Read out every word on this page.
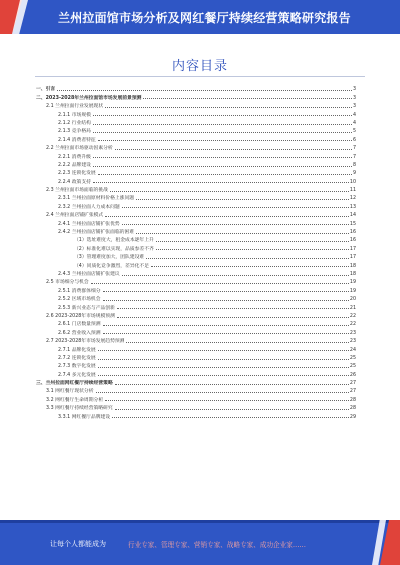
兰州拉面馆市场分析及网红餐厅持续经营策略研究报告
内容目录
一、引言	3
二、2023-2028年兰州拉面馆市场发展前景预测	3
2.1 兰州拉面行业发展现状	3
2.1.1 市场规模	4
2.1.2 行业结构	4
2.1.3 竞争格局	5
2.1.4 消费者特征	6
2.2 兰州拉面市场驱动因素分析	7
2.2.1 消费升级	7
2.2.2 品牌建设	8
2.2.3 连锁化发展	9
2.2.4 政策支持	10
2.3 兰州拉面市场面临的挑战	11
2.3.1 兰州拉面原材料价格上涨问题	12
2.3.2 兰州拉面人力成本问题	13
2.4 兰州拉面店铺扩张模式	14
2.4.1 兰州拉面店铺扩张优势	15
2.4.2 兰州拉面店铺扩张面临的困难	16
（1）选址难度大，租金成本逐年上升	16
（2）标准化难以实现，品质参差不齐	17
（3）管理难度加大，团队建设难	17
（4）同质化竞争激烈，差异化不足	18
2.4.3 兰州拉面店铺扩张建议	18
2.5 市场细分与机会	19
2.5.1 消费群体细分	19
2.5.2 区域市场机会	20
2.5.3 新兴业态与产品创新	21
2.6 2023-2028年市场规模预测	22
2.6.1 门店数量预测	22
2.6.2 营业收入预测	23
2.7 2023-2028年市场发展趋势预测	23
2.7.1 品牌化发展	24
2.7.2 连锁化发展	25
2.7.3 数字化发展	25
2.7.4 多元化发展	26
三、兰州拉面网红餐厅持续经营策略	27
3.1 网红餐厅现状分析	27
3.2 网红餐厅生命周期分析	28
3.3 网红餐厅持续经营策略研究	28
3.3.1 网红餐厅品牌建设	29
让每个人都能成为	行业专家、管理专家、营销专家、战略专家、成功企业家……
